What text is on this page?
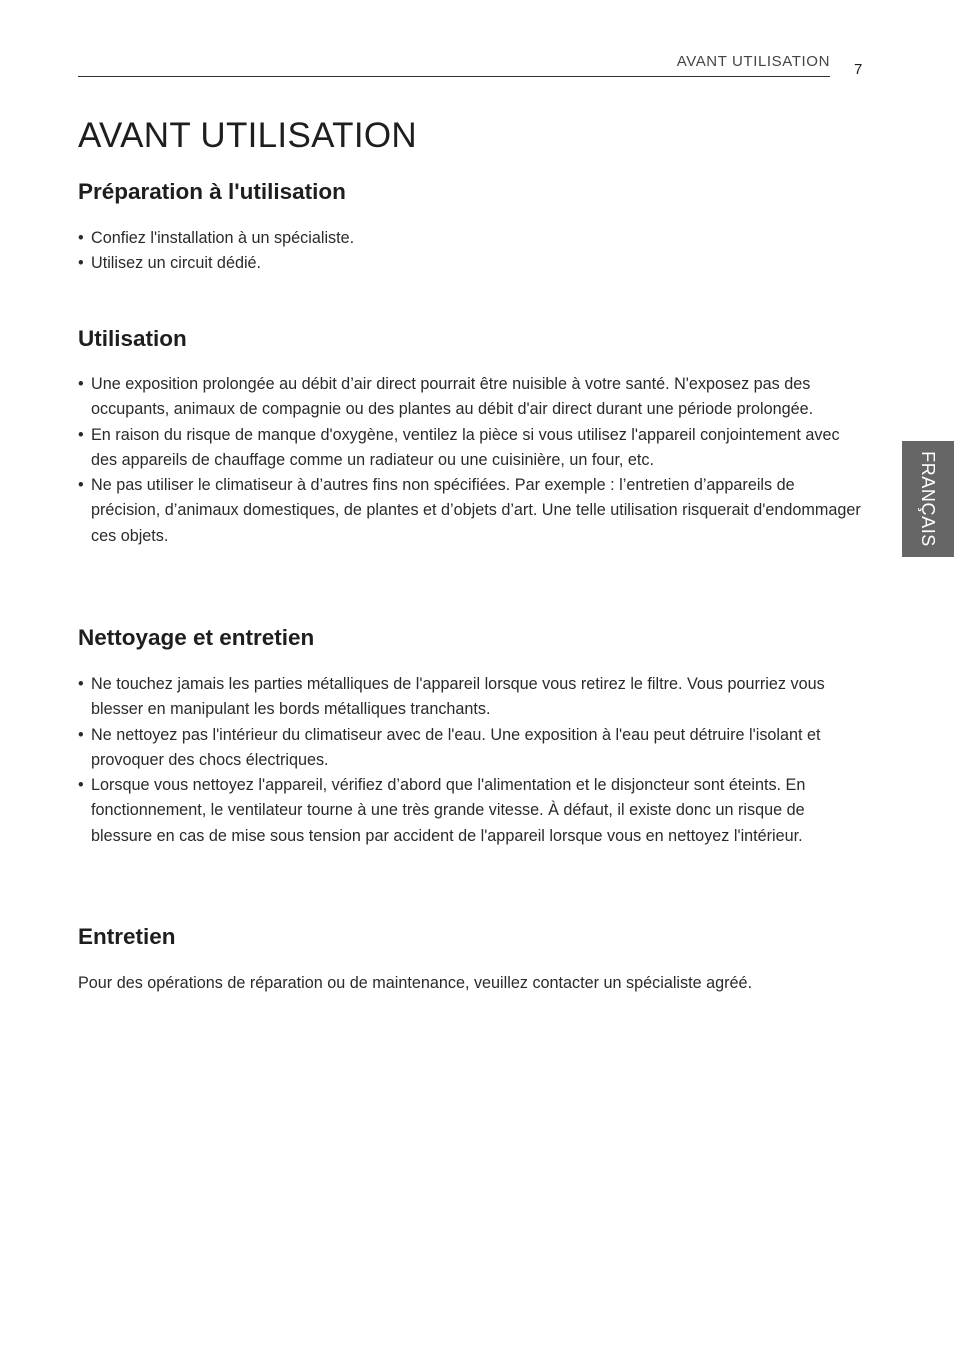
AVANT UTILISATION 7
AVANT UTILISATION
Préparation à l'utilisation
• Confiez l'installation à un spécialiste.
• Utilisez un circuit dédié.
Utilisation
• Une exposition prolongée au débit d’air direct pourrait être nuisible à votre santé. N'exposez pas des occupants, animaux de compagnie ou des plantes au débit d'air direct durant une période prolongée.
• En raison du risque de manque d'oxygène, ventilez la pièce si vous utilisez l'appareil conjointement avec des appareils de chauffage comme un radiateur ou une cuisinière, un four, etc.
• Ne pas utiliser le climatiseur à d’autres fins non spécifiées. Par exemple : l’entretien d’appareils de précision, d’animaux domestiques, de plantes et d’objets d’art. Une telle utilisation risquerait d'endommager ces objets.
Nettoyage et entretien
• Ne touchez jamais les parties métalliques de l'appareil lorsque vous retirez le filtre. Vous pourriez vous blesser en manipulant les bords métalliques tranchants.
• Ne nettoyez pas l'intérieur du climatiseur avec de l'eau. Une exposition à l'eau peut détruire l'isolant et provoquer des chocs électriques.
• Lorsque vous nettoyez l'appareil, vérifiez d’abord que l'alimentation et le disjoncteur sont éteints. En fonctionnement, le ventilateur tourne à une très grande vitesse. À défaut, il existe donc un risque de blessure en cas de mise sous tension par accident de l'appareil lorsque vous en nettoyez l'intérieur.
Entretien

Pour des opérations de réparation ou de maintenance, veuillez contacter un spécialiste agréé.

FRANÇAIS
